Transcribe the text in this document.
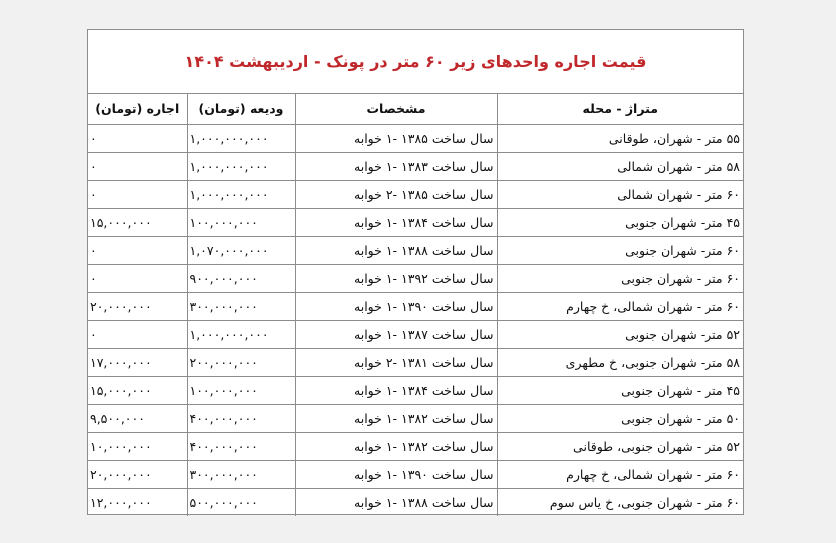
قیمت اجاره واحدهای زیر ۶۰ متر در پونک - اردیبهشت ۱۴۰۴
متراژ - محله	مشخصات	ودیعه (تومان)	اجاره (تومان)
۵۵ متر - شهران، طوقانی	سال ساخت ۱۳۸۵ -۱ خوابه	۱,۰۰۰,۰۰۰,۰۰۰	۰
۵۸ متر - شهران شمالی	سال ساخت ۱۳۸۳ -۱ خوابه	۱,۰۰۰,۰۰۰,۰۰۰	۰
۶۰ متر - شهران شمالی	سال ساخت ۱۳۸۵ -۲ خوابه	۱,۰۰۰,۰۰۰,۰۰۰	۰
۴۵ متر- شهران جنوبی	سال ساخت ۱۳۸۴ -۱ خوابه	۱۰۰,۰۰۰,۰۰۰	۱۵,۰۰۰,۰۰۰
۶۰ متر- شهران جنوبی	سال ساخت ۱۳۸۸ -۱ خوابه	۱,۰۷۰,۰۰۰,۰۰۰	۰
۶۰ متر - شهران جنوبی	سال ساخت ۱۳۹۲ -۱ خوابه	۹۰۰,۰۰۰,۰۰۰	۰
۶۰ متر - شهران شمالی، خ چهارم	سال ساخت ۱۳۹۰ -۱ خوابه	۳۰۰,۰۰۰,۰۰۰	۲۰,۰۰۰,۰۰۰
۵۲ متر- شهران جنوبی	سال ساخت ۱۳۸۷ -۱ خوابه	۱,۰۰۰,۰۰۰,۰۰۰	۰
۵۸ متر- شهران جنوبی، خ مطهری	سال ساخت ۱۳۸۱ -۲ خوابه	۲۰۰,۰۰۰,۰۰۰	۱۷,۰۰۰,۰۰۰
۴۵ متر - شهران جنوبی	سال ساخت ۱۳۸۴ -۱ خوابه	۱۰۰,۰۰۰,۰۰۰	۱۵,۰۰۰,۰۰۰
۵۰ متر - شهران جنوبی	سال ساخت ۱۳۸۲ -۱ خوابه	۴۰۰,۰۰۰,۰۰۰	۹,۵۰۰,۰۰۰
۵۲ متر - شهران جنوبی، طوقانی	سال ساخت ۱۳۸۲ -۱ خوابه	۴۰۰,۰۰۰,۰۰۰	۱۰,۰۰۰,۰۰۰
۶۰ متر - شهران شمالی، خ چهارم	سال ساخت ۱۳۹۰ -۱ خوابه	۳۰۰,۰۰۰,۰۰۰	۲۰,۰۰۰,۰۰۰
۶۰ متر - شهران جنوبی، خ یاس سوم	سال ساخت ۱۳۸۸ -۱ خوابه	۵۰۰,۰۰۰,۰۰۰	۱۲,۰۰۰,۰۰۰
